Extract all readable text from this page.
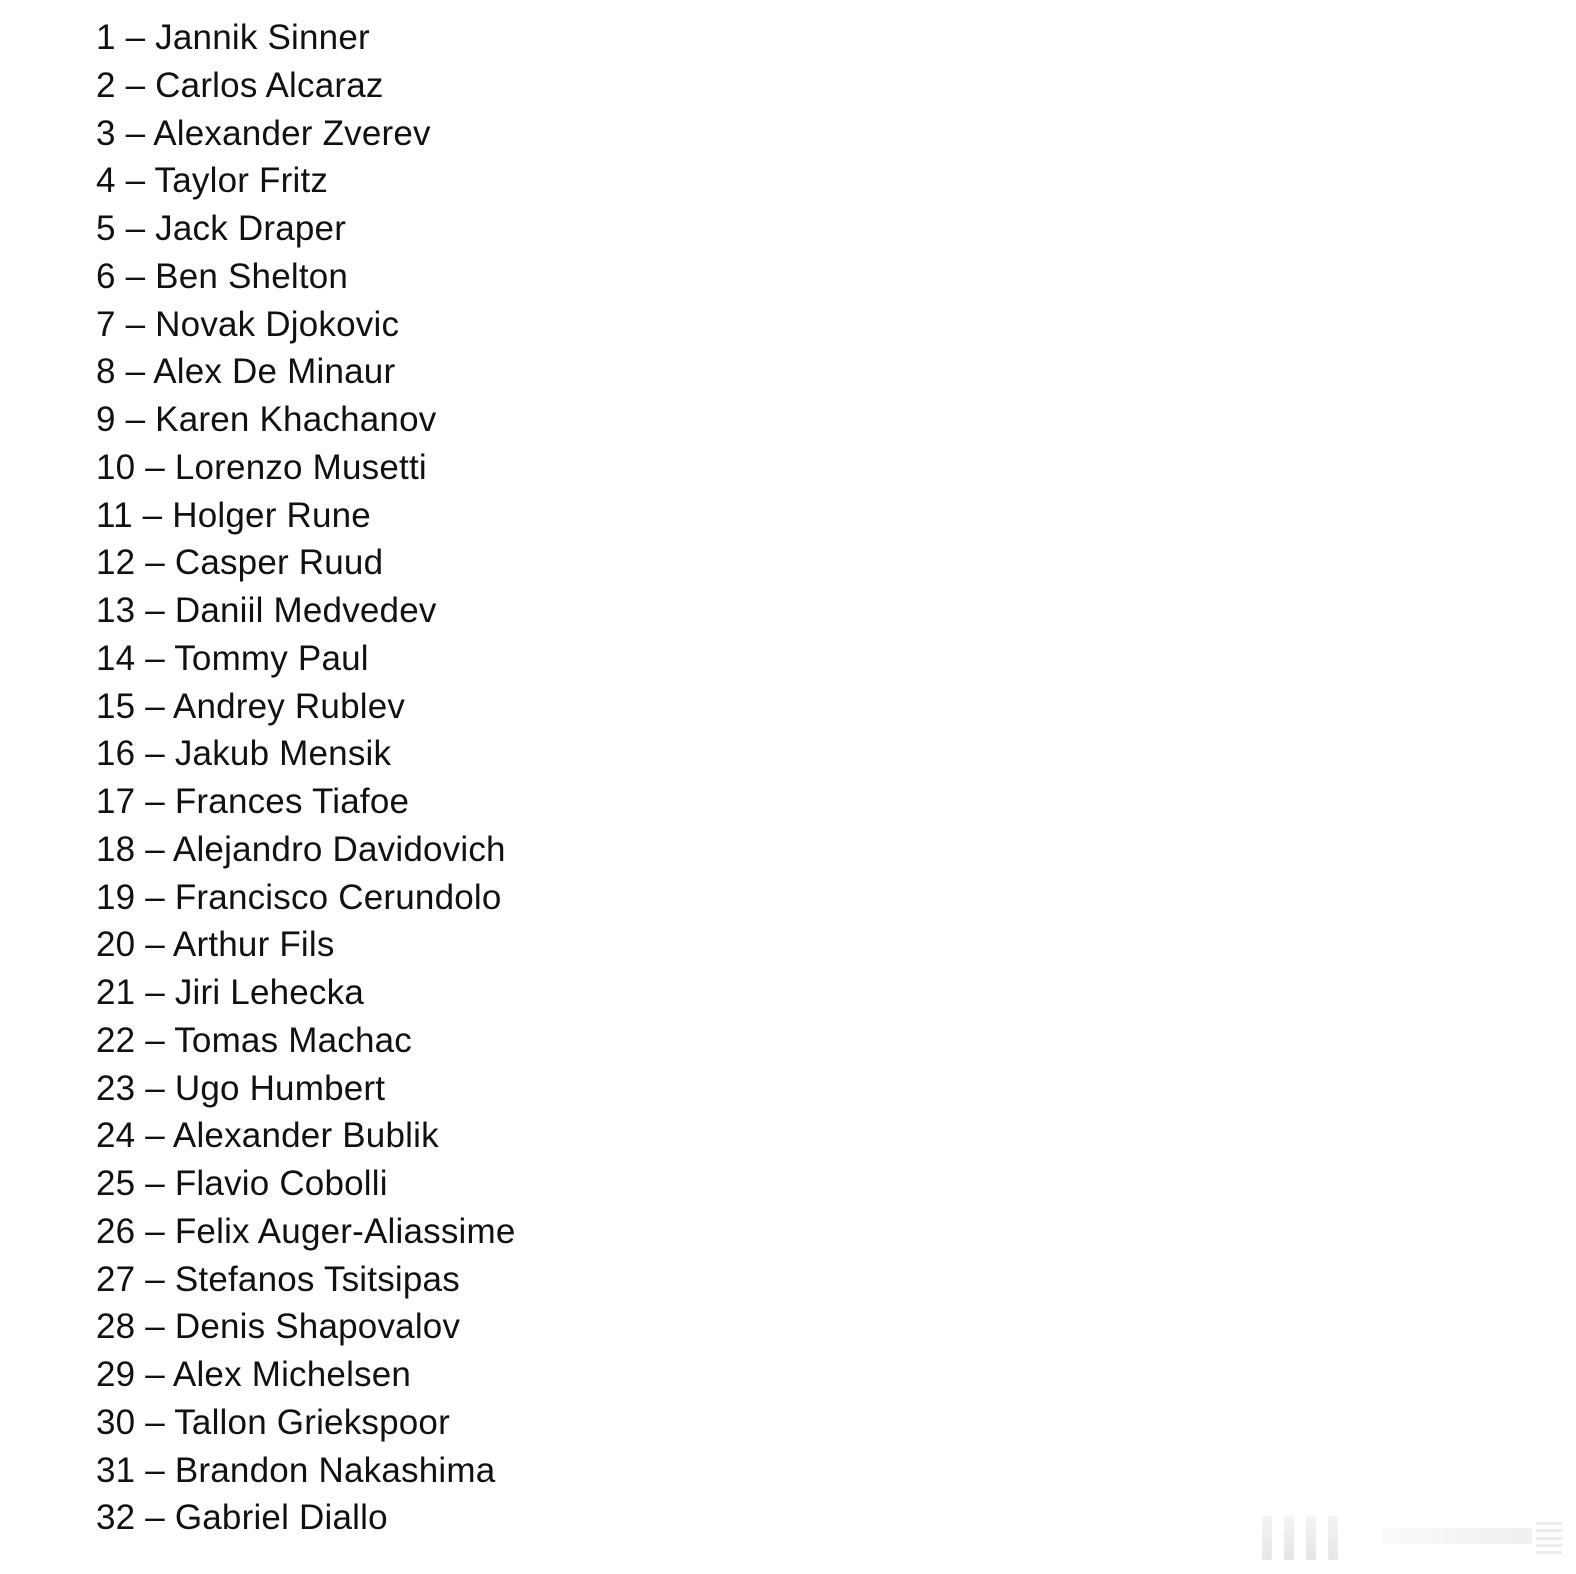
1 – Jannik Sinner
2 – Carlos Alcaraz
3 – Alexander Zverev
4 – Taylor Fritz
5 – Jack Draper
6 – Ben Shelton
7 – Novak Djokovic
8 – Alex De Minaur
9 – Karen Khachanov
10 – Lorenzo Musetti
11 – Holger Rune
12 – Casper Ruud
13 – Daniil Medvedev
14 – Tommy Paul
15 – Andrey Rublev
16 – Jakub Mensik
17 – Frances Tiafoe
18 – Alejandro Davidovich
19 – Francisco Cerundolo
20 – Arthur Fils
21 – Jiri Lehecka
22 – Tomas Machac
23 – Ugo Humbert
24 – Alexander Bublik
25 – Flavio Cobolli
26 – Felix Auger-Aliassime
27 – Stefanos Tsitsipas
28 – Denis Shapovalov
29 – Alex Michelsen
30 – Tallon Griekspoor
31 – Brandon Nakashima
32 – Gabriel Diallo
